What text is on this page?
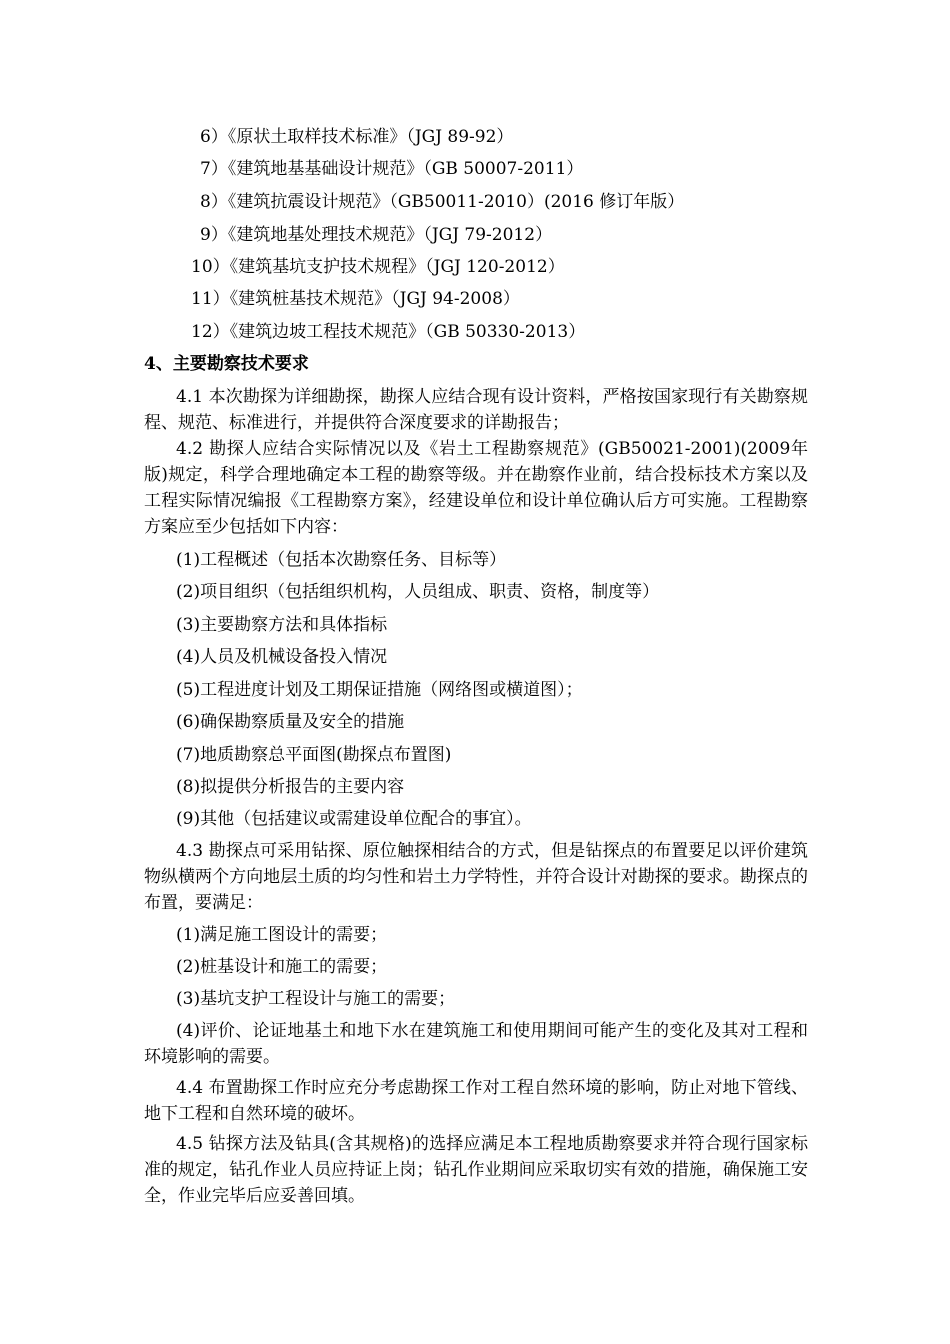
6）《原状土取样技术标准》（JGJ 89-92）
7）《建筑地基基础设计规范》（GB 50007-2011）
8）《建筑抗震设计规范》（GB50011-2010）(2016 修订年版）
9）《建筑地基处理技术规范》（JGJ 79-2012）
10）《建筑基坑支护技术规程》（JGJ 120-2012）
11）《建筑桩基技术规范》（JGJ 94-2008）
12）《建筑边坡工程技术规范》（GB 50330-2013）
4、主要勘察技术要求
4.1 本次勘探为详细勘探，勘探人应结合现有设计资料，严格按国家现行有关勘察规程、规范、标准进行，并提供符合深度要求的详勘报告；
4.2 勘探人应结合实际情况以及《岩土工程勘察规范》(GB50021-2001)(2009年版)规定，科学合理地确定本工程的勘察等级。并在勘察作业前，结合投标技术方案以及工程实际情况编报《工程勘察方案》，经建设单位和设计单位确认后方可实施。工程勘察方案应至少包括如下内容：
(1)工程概述（包括本次勘察任务、目标等）
(2)项目组织（包括组织机构，人员组成、职责、资格，制度等）
(3)主要勘察方法和具体指标
(4)人员及机械设备投入情况
(5)工程进度计划及工期保证措施（网络图或横道图）；
(6)确保勘察质量及安全的措施
(7)地质勘察总平面图(勘探点布置图)
(8)拟提供分析报告的主要内容
(9)其他（包括建议或需建设单位配合的事宜）。
4.3 勘探点可采用钻探、原位触探相结合的方式，但是钻探点的布置要足以评价建筑物纵横两个方向地层土质的均匀性和岩土力学特性，并符合设计对勘探的要求。勘探点的布置，要满足：
(1)满足施工图设计的需要；
(2)桩基设计和施工的需要；
(3)基坑支护工程设计与施工的需要；
(4)评价、论证地基土和地下水在建筑施工和使用期间可能产生的变化及其对工程和环境影响的需要。
4.4 布置勘探工作时应充分考虑勘探工作对工程自然环境的影响，防止对地下管线、地下工程和自然环境的破坏。
4.5 钻探方法及钻具(含其规格)的选择应满足本工程地质勘察要求并符合现行国家标准的规定，钻孔作业人员应持证上岗；钻孔作业期间应采取切实有效的措施，确保施工安全，作业完毕后应妥善回填。
